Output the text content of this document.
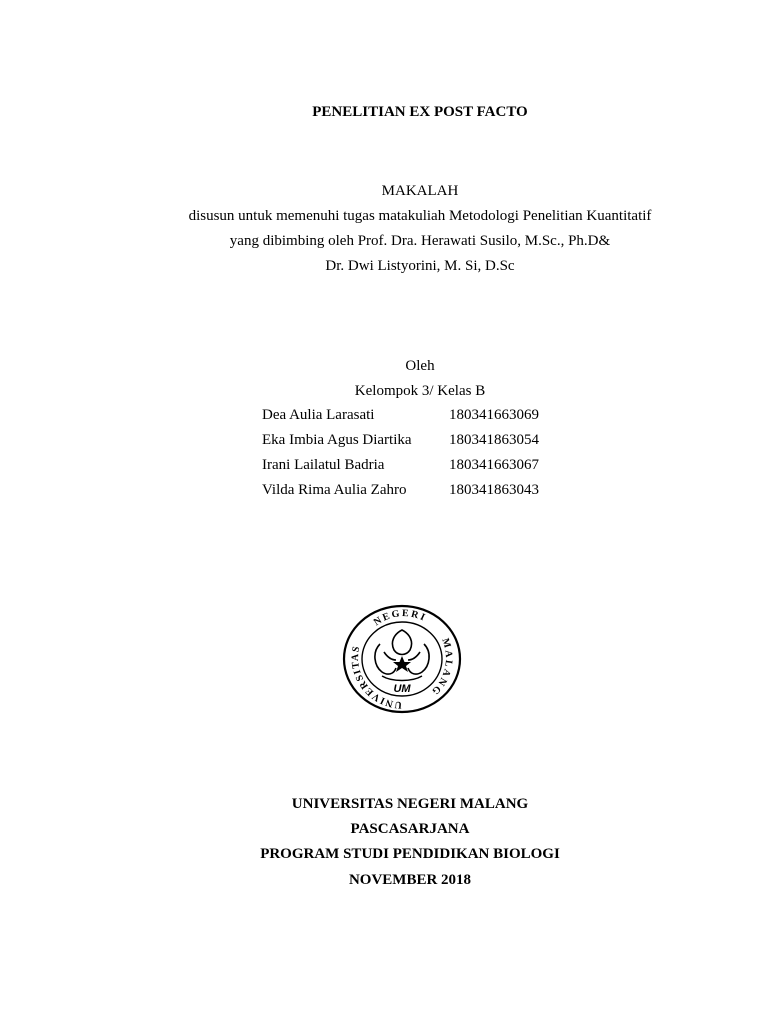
PENELITIAN EX POST FACTO
MAKALAH
disusun untuk memenuhi tugas matakuliah Metodologi Penelitian Kuantitatif
yang dibimbing oleh Prof. Dra. Herawati Susilo, M.Sc., Ph.D&
Dr. Dwi Listyorini, M. Si, D.Sc
Oleh
Kelompok 3/ Kelas B
Dea Aulia Larasati	180341663069
Eka Imbia Agus Diartika	180341863054
Irani Lailatul Badria	180341663067
Vilda Rima Aulia Zahro	180341863043
UNIVERSITAS
NEGERI
MALANG
UM
UNIVERSITAS NEGERI MALANG
PASCASARJANA
PROGRAM STUDI PENDIDIKAN BIOLOGI
NOVEMBER 2018
